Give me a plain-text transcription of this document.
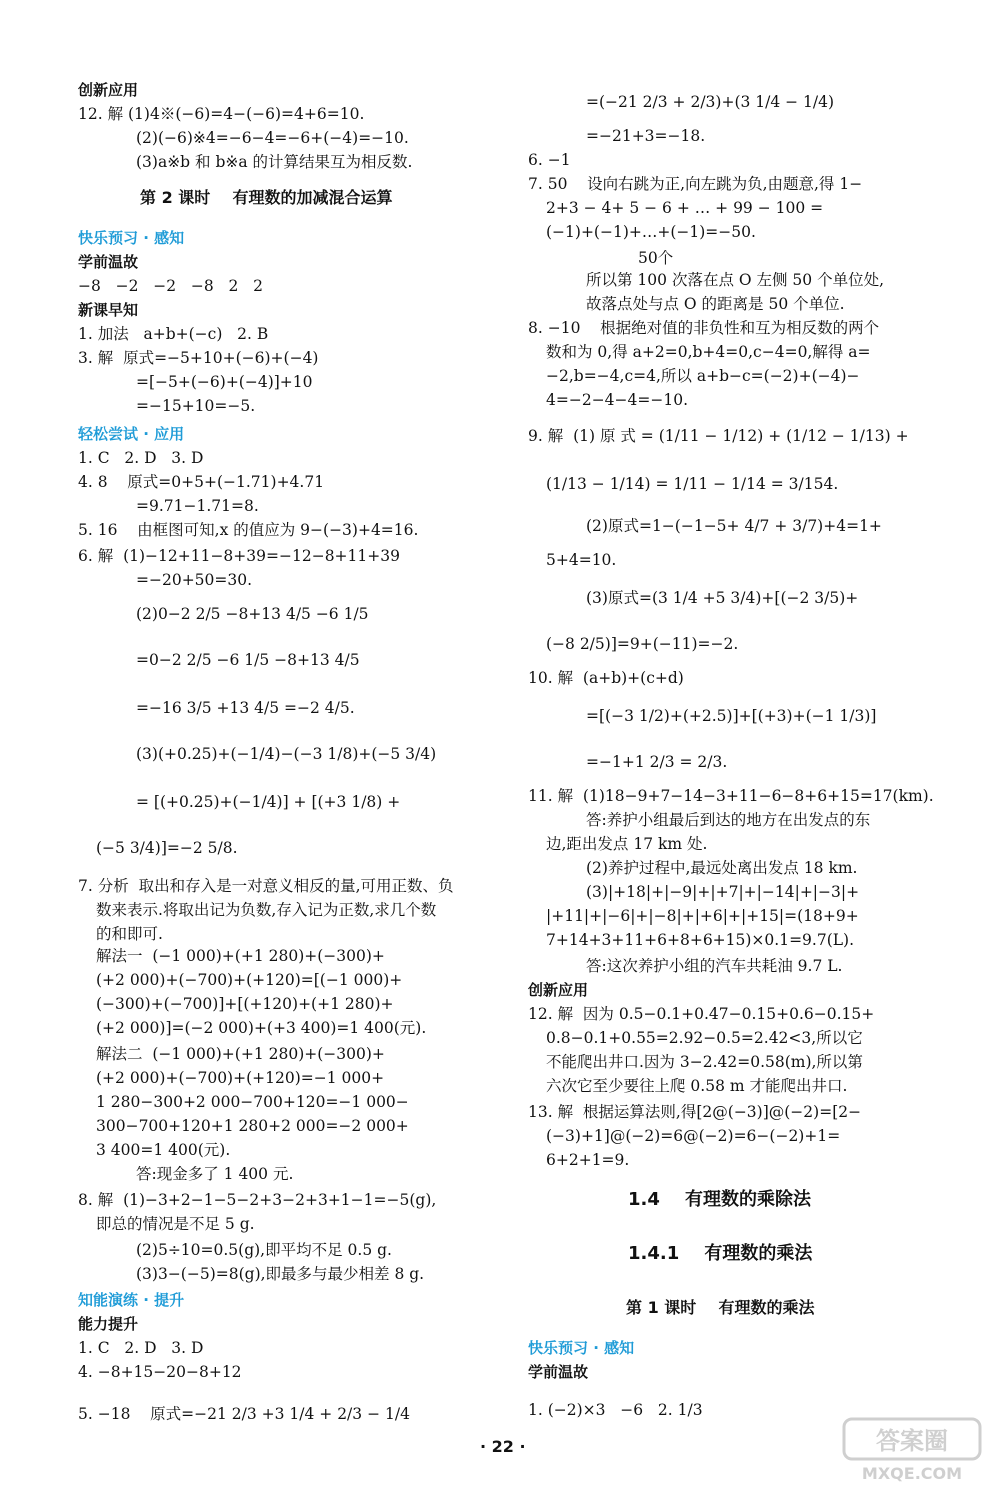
创新应用
12. 解 (1)4※(−6)=4−(−6)=4+6=10.
(2)(−6)※4=−6−4=−6+(−4)=−10.
(3)a※b 和 b※a 的计算结果互为相反数.
第 2 课时    有理数的加减混合运算
快乐预习 · 感知
学前温故
−8   −2   −2   −8   2   2
新课早知
1. 加法   a+b+(−c)   2. B
3. 解  原式=−5+10+(−6)+(−4)
=[−5+(−6)+(−4)]+10
=−15+10=−5.
轻松尝试 · 应用
1. C   2. D   3. D
4. 8    原式=0+5+(−1.71)+4.71
=9.71−1.71=8.
5. 16    由框图可知,x 的值应为 9−(−3)+4=16.
6. 解  (1)−12+11−8+39=−12−8+11+39
=−20+50=30.
(2)0−2 2/5 −8+13 4/5 −6 1/5
=0−2 2/5 −6 1/5 −8+13 4/5
=−16 3/5 +13 4/5 =−2 4/5.
(3)(+0.25)+(−1/4)−(−3 1/8)+(−5 3/4)
= [(+0.25)+(−1/4)] + [(+3 1/8) +
(−5 3/4)]=−2 5/8.
7. 分析  取出和存入是一对意义相反的量,可用正数、负
数来表示.将取出记为负数,存入记为正数,求几个数
的和即可.
解法一  (−1 000)+(+1 280)+(−300)+
(+2 000)+(−700)+(+120)=[(−1 000)+
(−300)+(−700)]+[(+120)+(+1 280)+
(+2 000)]=(−2 000)+(+3 400)=1 400(元).
解法二  (−1 000)+(+1 280)+(−300)+
(+2 000)+(−700)+(+120)=−1 000+
1 280−300+2 000−700+120=−1 000−
300−700+120+1 280+2 000=−2 000+
3 400=1 400(元).
答:现金多了 1 400 元.
8. 解  (1)−3+2−1−5−2+3−2+3+1−1=−5(g),
即总的情况是不足 5 g.
(2)5÷10=0.5(g),即平均不足 0.5 g.
(3)3−(−5)=8(g),即最多与最少相差 8 g.
知能演练 · 提升
能力提升
1. C   2. D   3. D
4. −8+15−20−8+12
5. −18    原式=−21 2/3 +3 1/4 + 2/3 − 1/4
=(−21 2/3 + 2/3)+(3 1/4 − 1/4)
=−21+3=−18.
6. −1
7. 50    设向右跳为正,向左跳为负,由题意,得 1−
2+3 − 4+ 5 − 6 + … + 99 − 100 =
(−1)+(−1)+…+(−1)=−50.
50个
所以第 100 次落在点 O 左侧 50 个单位处,
故落点处与点 O 的距离是 50 个单位.
8. −10    根据绝对值的非负性和互为相反数的两个
数和为 0,得 a+2=0,b+4=0,c−4=0,解得 a=
−2,b=−4,c=4,所以 a+b−c=(−2)+(−4)−
4=−2−4−4=−10.
9. 解  (1) 原 式 = (1/11 − 1/12) + (1/12 − 1/13) +
(1/13 − 1/14) = 1/11 − 1/14 = 3/154.
(2)原式=1−(−1−5+ 4/7 + 3/7)+4=1+
5+4=10.
(3)原式=(3 1/4 +5 3/4)+[(−2 3/5)+
(−8 2/5)]=9+(−11)=−2.
10. 解  (a+b)+(c+d)
=[(−3 1/2)+(+2.5)]+[(+3)+(−1 1/3)]
=−1+1 2/3 = 2/3.
11. 解  (1)18−9+7−14−3+11−6−8+6+15=17(km).
答:养护小组最后到达的地方在出发点的东
边,距出发点 17 km 处.
(2)养护过程中,最远处离出发点 18 km.
(3)|+18|+|−9|+|+7|+|−14|+|−3|+
|+11|+|−6|+|−8|+|+6|+|+15|=(18+9+
7+14+3+11+6+8+6+15)×0.1=9.7(L).
答:这次养护小组的汽车共耗油 9.7 L.
创新应用
12. 解  因为 0.5−0.1+0.47−0.15+0.6−0.15+
0.8−0.1+0.55=2.92−0.5=2.42<3,所以它
不能爬出井口.因为 3−2.42=0.58(m),所以第
六次它至少要往上爬 0.58 m 才能爬出井口.
13. 解  根据运算法则,得[2@(−3)]@(−2)=[2−
(−3)+1]@(−2)=6@(−2)=6−(−2)+1=
6+2+1=9.
1.4    有理数的乘除法
1.4.1    有理数的乘法
第 1 课时    有理数的乘法
快乐预习 · 感知
学前温故
1. (−2)×3   −6   2. 1/3
· 22 ·	答案圈
MXQE.COM
